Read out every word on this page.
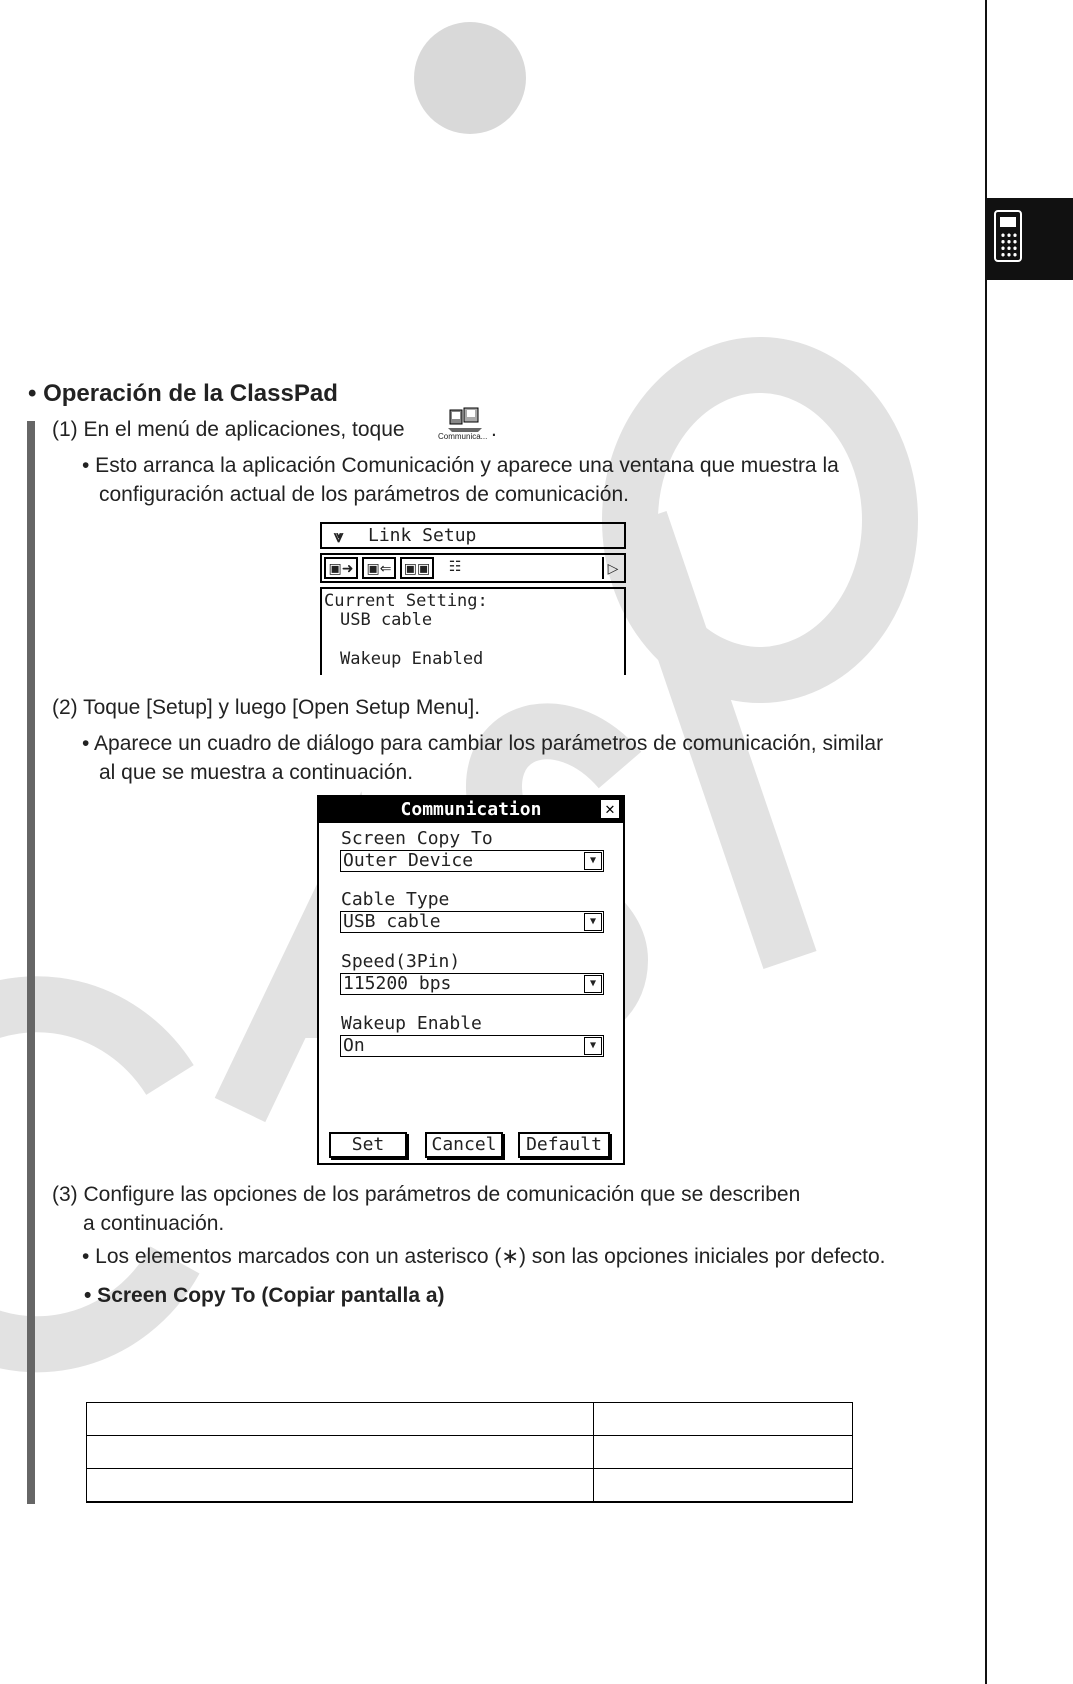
• Operación de la ClassPad
(1) En el menú de aplicaciones, toque	Communica... .
• Esto arranca la aplicación Comunicación y aparece una ventana que muestra la
configuración actual de los parámetros de comunicación.
⩔ Link Setup
▣➜ ▣⇐ ▣▣	☷	▷
Current Setting:
USB cable
Wakeup Enabled
(2) Toque [Setup] y luego [Open Setup Menu].
• Aparece un cuadro de diálogo para cambiar los parámetros de comunicación, similar
al que se muestra a continuación.
Communication	✕
Screen Copy To
Outer Device	▼
Cable Type
USB cable	▼
Speed(3Pin)
115200 bps	▼
Wakeup Enable
On	▼
Set	Cancel	Default
(3) Configure las opciones de los parámetros de comunicación que se describen
a continuación.
• Los elementos marcados con un asterisco (∗) son las opciones iniciales por defecto.
• Screen Copy To (Copiar pantalla a)
